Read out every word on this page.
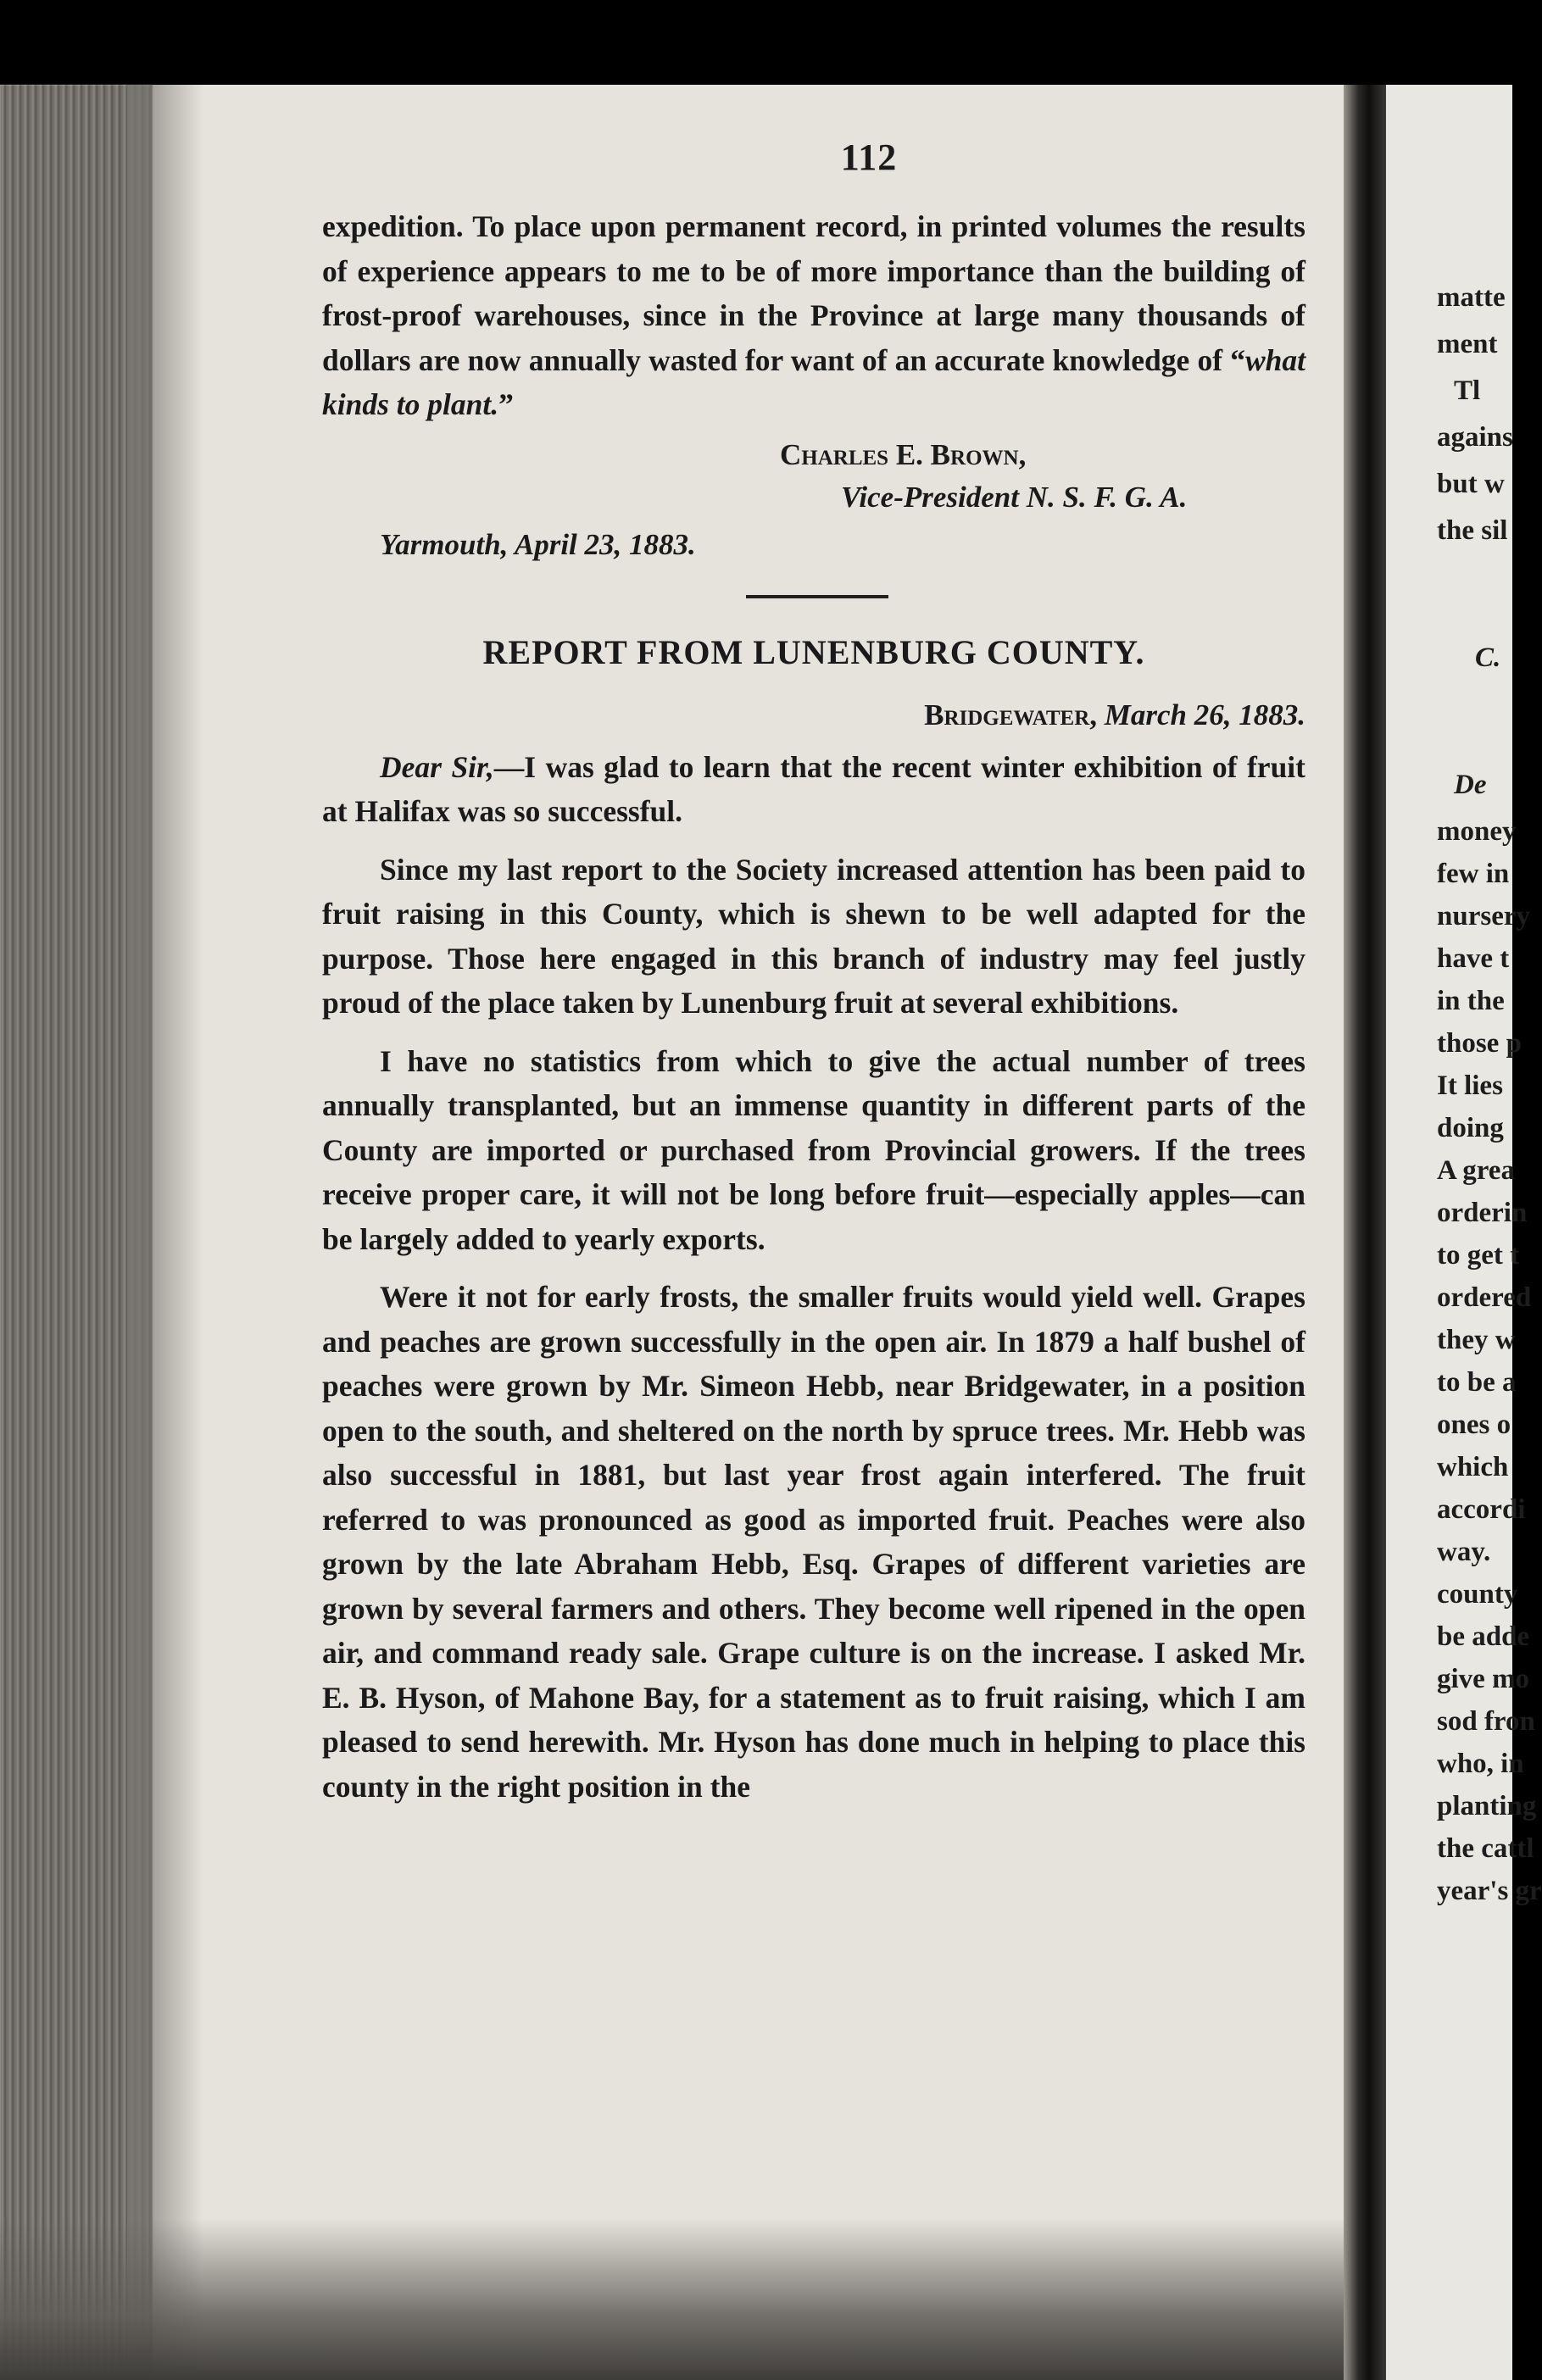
matte
ment
Tl
agains
but w
the sil
C.
De
money
few in
nursery
have t
in the
those p
It lies
doing
A grea
orderin
to get t
ordered
they w
to be a
ones o
which
accordi
way.
county
be adde
give mo
sod fron
who, in
planting
the cattl
year's gr
112

expedition. To place upon permanent record, in printed volumes the results of experience appears to me to be of more importance than the building of frost-proof warehouses, since in the Province at large many thousands of dollars are now annually wasted for want of an accurate knowledge of “what kinds to plant.”

Charles E. Brown,
Vice-President N. S. F. G. A.
Yarmouth, April 23, 1883.
REPORT FROM LUNENBURG COUNTY.
Bridgewater, March 26, 1883.

Dear Sir,—I was glad to learn that the recent winter exhibition of fruit at Halifax was so successful.

Since my last report to the Society increased attention has been paid to fruit raising in this County, which is shewn to be well adapted for the purpose. Those here engaged in this branch of industry may feel justly proud of the place taken by Lunenburg fruit at several exhibitions.

I have no statistics from which to give the actual number of trees annually transplanted, but an immense quantity in different parts of the County are imported or purchased from Provincial growers. If the trees receive proper care, it will not be long before fruit—especially apples—can be largely added to yearly exports.

Were it not for early frosts, the smaller fruits would yield well. Grapes and peaches are grown successfully in the open air. In 1879 a half bushel of peaches were grown by Mr. Simeon Hebb, near Bridgewater, in a position open to the south, and sheltered on the north by spruce trees. Mr. Hebb was also successful in 1881, but last year frost again interfered. The fruit referred to was pronounced as good as imported fruit. Peaches were also grown by the late Abraham Hebb, Esq. Grapes of different varieties are grown by several farmers and others. They become well ripened in the open air, and command ready sale. Grape culture is on the increase. I asked Mr. E. B. Hyson, of Mahone Bay, for a statement as to fruit raising, which I am pleased to send herewith. Mr. Hyson has done much in helping to place this county in the right position in the
